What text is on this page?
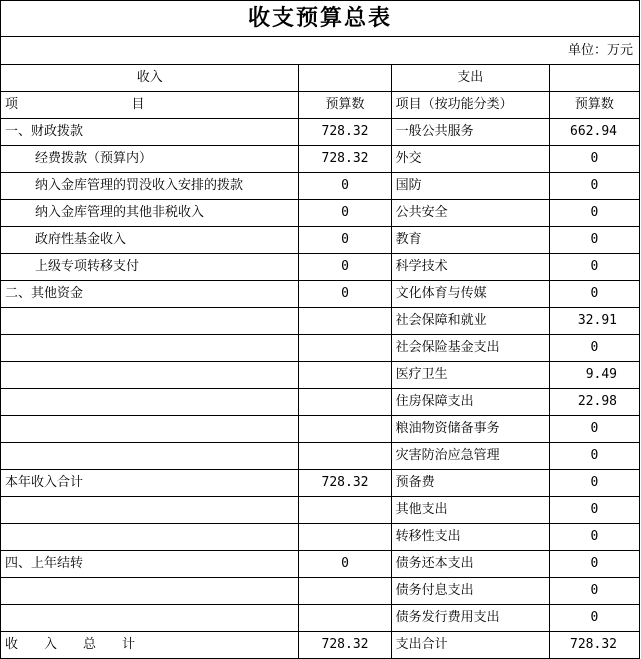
收支预算总表
单位：万元
收入		支出	

项 目	预算数	项目（按功能分类）	预算数
一、财政拨款	728.32	一般公共服务	662.94
经费拨款（预算内）	728.32	外交	0
纳入金库管理的罚没收入安排的拨款	0	国防	0
纳入金库管理的其他非税收入	0	公共安全	0
政府性基金收入	0	教育	0
上级专项转移支付	0	科学技术	0
二、其他资金	0	文化体育与传媒	0
		社会保障和就业	32.91
		社会保险基金支出	0
		医疗卫生	9.49
		住房保障支出	22.98
		粮油物资储备事务	0
		灾害防治应急管理	0
本年收入合计	728.32	预备费	0
		其他支出	0
		转移性支出	0
四、上年结转	0	债务还本支出	0
		债务付息支出	0
		债务发行费用支出	0

收 入 总 计	728.32	支出合计	728.32
